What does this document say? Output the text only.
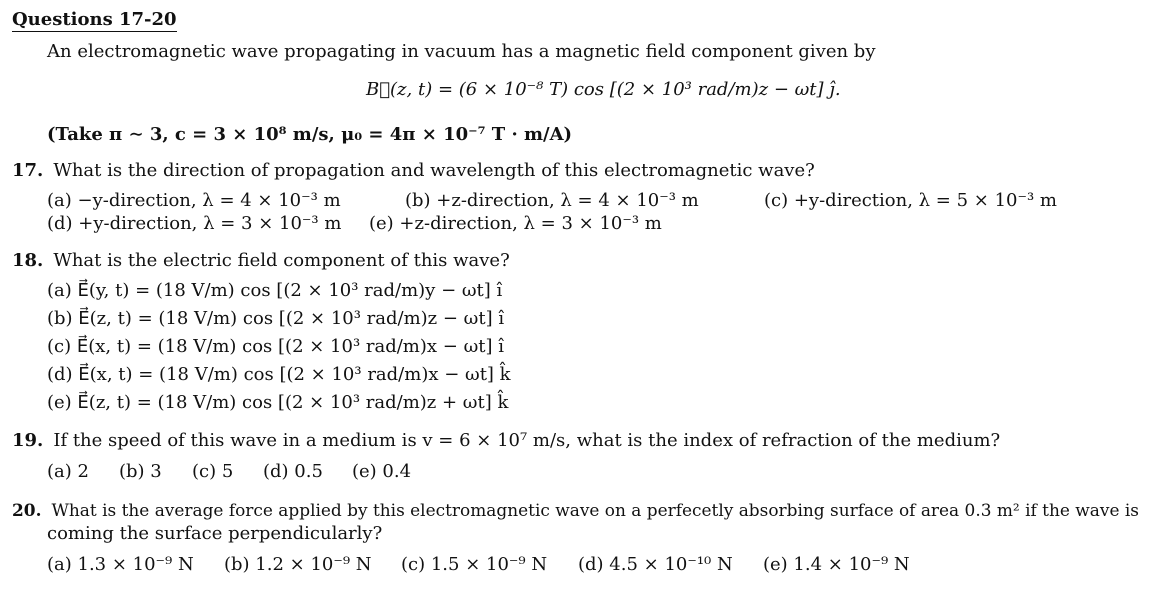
Questions 17-20
An electromagnetic wave propagating in vacuum has a magnetic field component given by
B⃗(z, t) = (6 × 10⁻⁸ T) cos [(2 × 10³ rad/m)z − ωt] ĵ.
(Take π ∼ 3, c = 3 × 10⁸ m/s, μ₀ = 4π × 10⁻⁷ T · m/A)
17. What is the direction of propagation and wavelength of this electromagnetic wave?
(a) −y-direction, λ = 4 × 10⁻³ m	(b) +z-direction, λ = 4 × 10⁻³ m	(c) +y-direction, λ = 5 × 10⁻³ m
(d) +y-direction, λ = 3 × 10⁻³ m (e) +z-direction, λ = 3 × 10⁻³ m
18. What is the electric field component of this wave?
(a) E⃗(y, t) = (18 V/m) cos [(2 × 10³ rad/m)y − ωt] î
(b) E⃗(z, t) = (18 V/m) cos [(2 × 10³ rad/m)z − ωt] î
(c) E⃗(x, t) = (18 V/m) cos [(2 × 10³ rad/m)x − ωt] î
(d) E⃗(x, t) = (18 V/m) cos [(2 × 10³ rad/m)x − ωt] k̂
(e) E⃗(z, t) = (18 V/m) cos [(2 × 10³ rad/m)z + ωt] k̂
19. If the speed of this wave in a medium is v = 6 × 10⁷ m/s, what is the index of refraction of the medium?
(a) 2 (b) 3 (c) 5 (d) 0.5 (e) 0.4
20. What is the average force applied by this electromagnetic wave on a perfecetly absorbing surface of area 0.3 m² if the wave is
coming the surface perpendicularly?
(a) 1.3 × 10⁻⁹ N (b) 1.2 × 10⁻⁹ N (c) 1.5 × 10⁻⁹ N (d) 4.5 × 10⁻¹⁰ N (e) 1.4 × 10⁻⁹ N
